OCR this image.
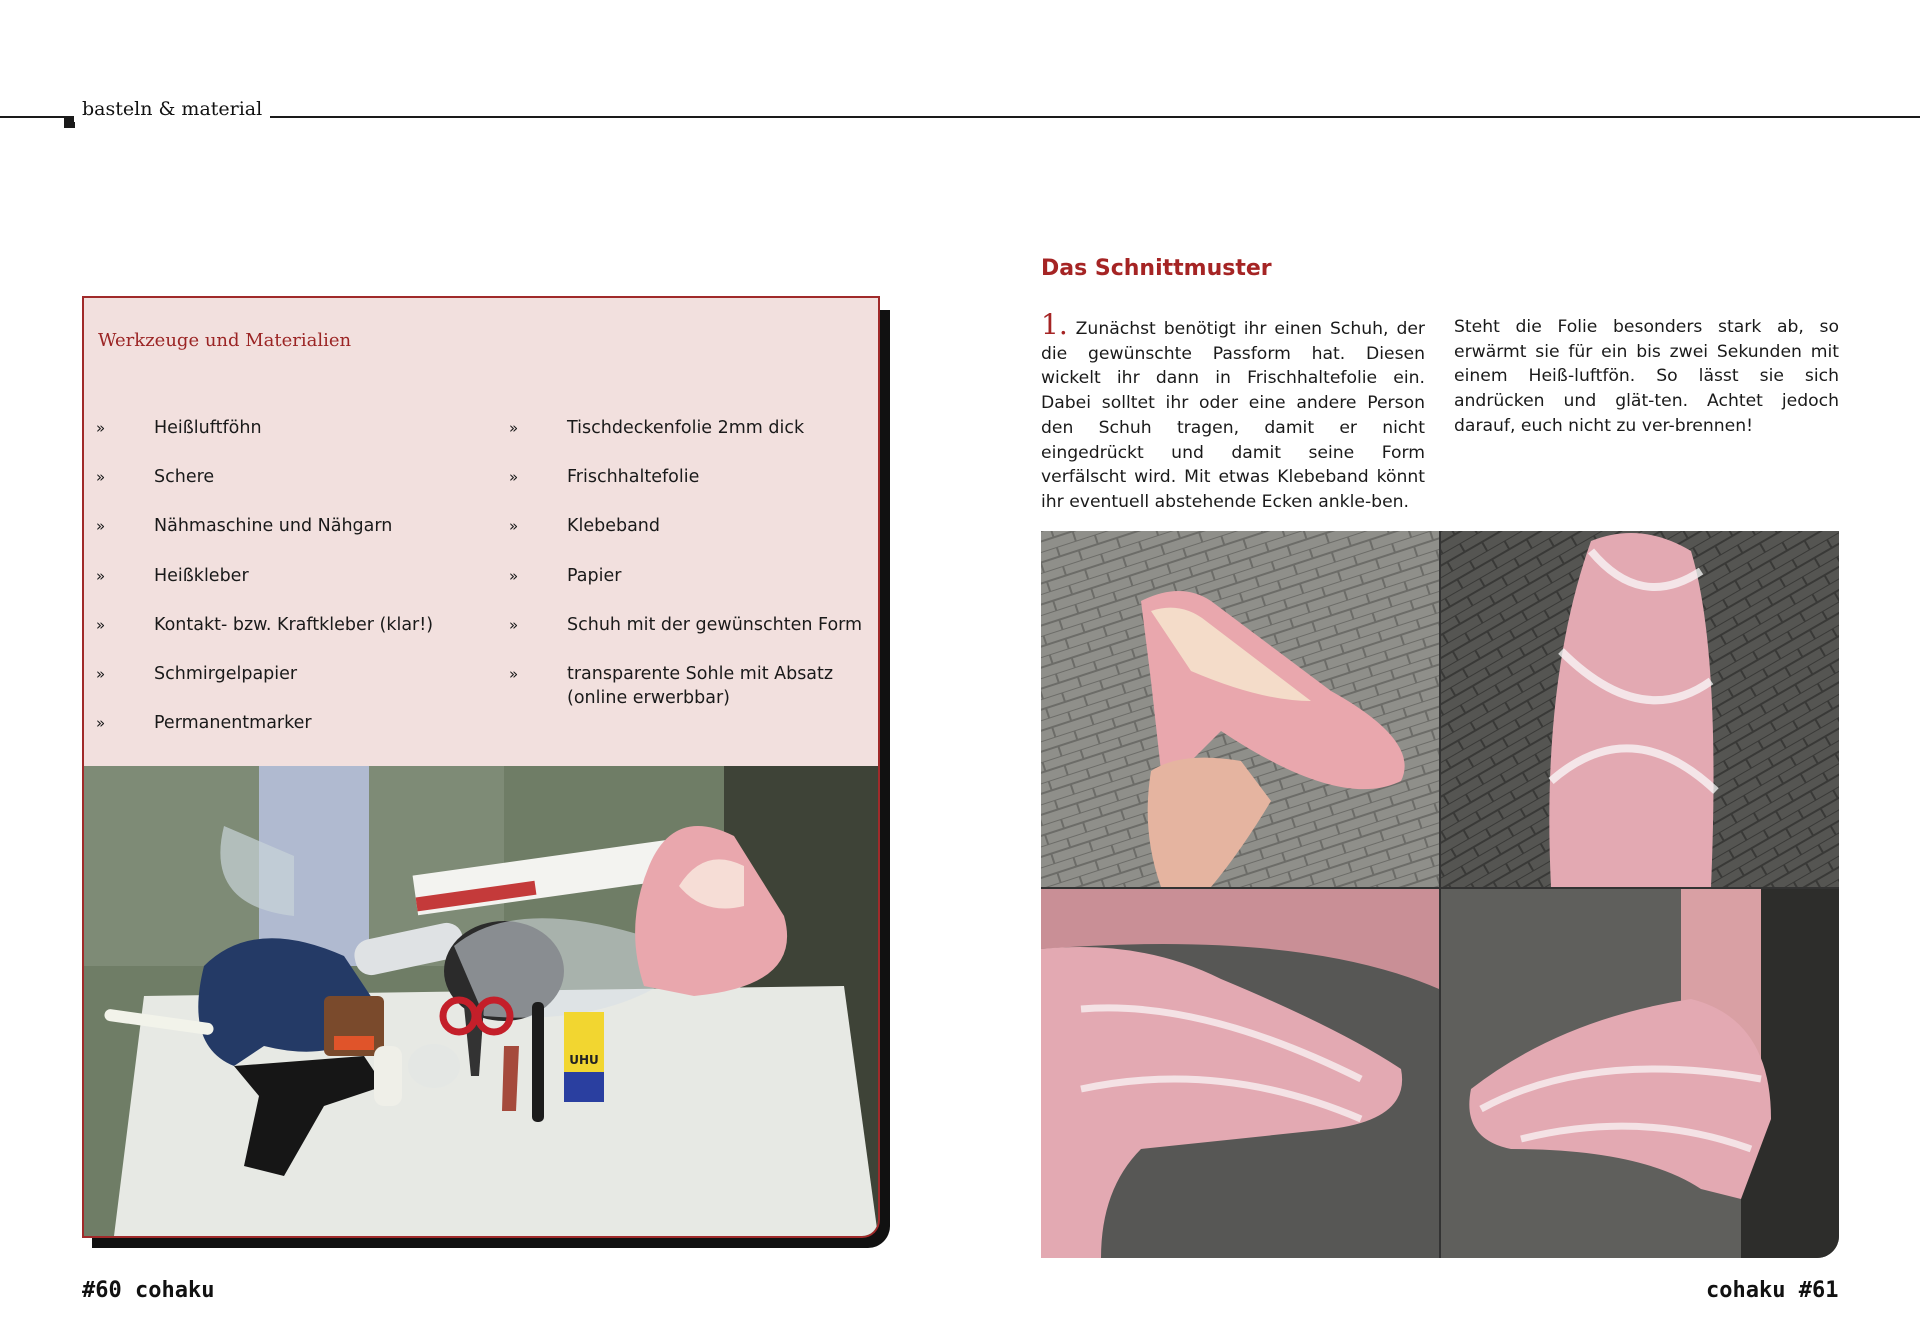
basteln & material
Werkzeuge und Materialien
»	Heißluftföhn
»	Schere
»	Nähmaschine und Nähgarn
»	Heißkleber
»	Kontakt- bzw. Kraftkleber (klar!)
»	Schmirgelpapier
»	Permanentmarker
»	Tischdeckenfolie 2mm dick
»	Frischhaltefolie
»	Klebeband
»	Papier
»	Schuh mit der gewünschten Form
»	transparente Sohle mit Absatz (online erwerbbar)
UHU
Das Schnittmuster
1. Zunächst benötigt ihr einen Schuh, der die gewünschte Passform hat. Diesen wickelt ihr dann in Frischhaltefolie ein. Dabei solltet ihr oder eine andere Person den Schuh tragen, damit er nicht eingedrückt und damit seine Form verfälscht wird. Mit etwas Klebeband könnt ihr eventuell abstehende Ecken ankle-ben.
Steht die Folie besonders stark ab, so erwärmt sie für ein bis zwei Sekunden mit einem Heiß-luftfön. So lässt sie sich andrücken und glät-ten. Achtet jedoch darauf, euch nicht zu ver-brennen!
#60 cohaku	cohaku #61
